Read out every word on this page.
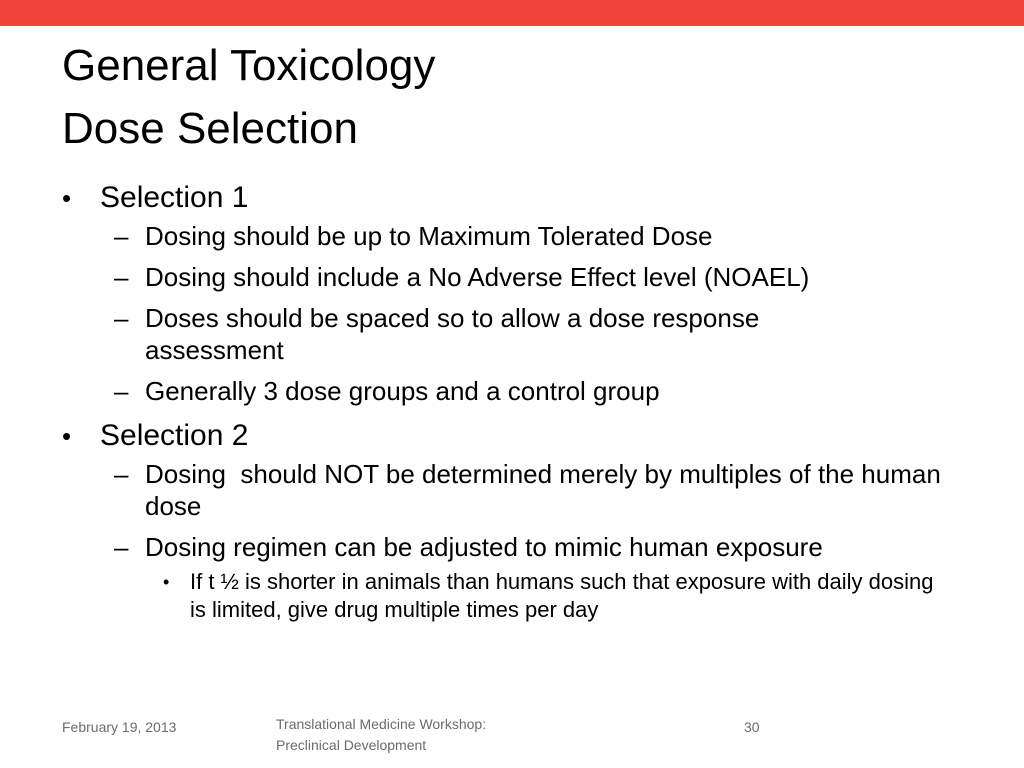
General Toxicology
Dose Selection
• Selection 1
– Dosing should be up to Maximum Tolerated Dose
– Dosing should include a No Adverse Effect level (NOAEL)
– Doses should be spaced so to allow a dose response assessment
– Generally 3 dose groups and a control group
• Selection 2
– Dosing  should NOT be determined merely by multiples of the human dose
– Dosing regimen can be adjusted to mimic human exposure
• If t ½ is shorter in animals than humans such that exposure with daily dosing is limited, give drug multiple times per day
February 19, 2013	Translational Medicine Workshop:
Preclinical Development
30
